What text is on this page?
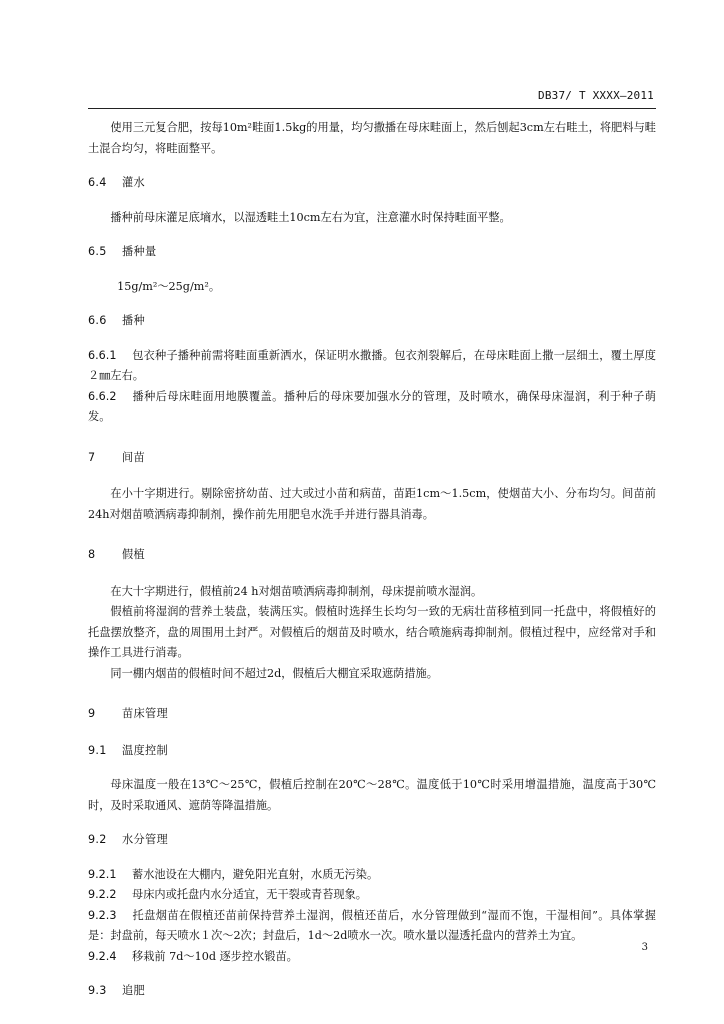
DB37/ T XXXX—2011

使用三元复合肥，按每10m²畦面1.5kg的用量，均匀撒播在母床畦面上，然后刨起3cm左右畦土，将肥料与畦土混合均匀，将畦面整平。

6.4 灌水

播种前母床灌足底墒水，以湿透畦土10cm左右为宜，注意灌水时保持畦面平整。

6.5 播种量

15g/m²～25g/m²。

6.6 播种

6.6.1 包衣种子播种前需将畦面重新洒水，保证明水撒播。包衣剂裂解后，在母床畦面上撒一层细土，覆土厚度２㎜左右。

6.6.2 播种后母床畦面用地膜覆盖。播种后的母床要加强水分的管理，及时喷水，确保母床湿润，利于种子萌发。

7 间苗

在小十字期进行。剔除密挤幼苗、过大或过小苗和病苗，苗距1cm～1.5cm，使烟苗大小、分布均匀。间苗前24h对烟苗喷洒病毒抑制剂，操作前先用肥皂水洗手并进行器具消毒。

8 假植

在大十字期进行，假植前24 h对烟苗喷洒病毒抑制剂，母床提前喷水湿润。

假植前将湿润的营养土装盘，装满压实。假植时选择生长均匀一致的无病壮苗移植到同一托盘中，将假植好的托盘摆放整齐，盘的周围用土封严。对假植后的烟苗及时喷水，结合喷施病毒抑制剂。假植过程中，应经常对手和操作工具进行消毒。

同一棚内烟苗的假植时间不超过2d，假植后大棚宜采取遮荫措施。

9 苗床管理

9.1 温度控制

母床温度一般在13℃～25℃，假植后控制在20℃～28℃。温度低于10℃时采用增温措施，温度高于30℃时，及时采取通风、遮荫等降温措施。

9.2 水分管理

9.2.1 蓄水池设在大棚内，避免阳光直射，水质无污染。

9.2.2 母床内或托盘内水分适宜，无干裂或青苔现象。

9.2.3 托盘烟苗在假植还苗前保持营养土湿润，假植还苗后，水分管理做到“湿而不饱，干湿相间”。具体掌握是：封盘前，每天喷水１次～2次；封盘后，1d～2d喷水一次。喷水量以湿透托盘内的营养土为宜。

9.2.4 移栽前 7d～10d 逐步控水锻苗。

9.3 追肥

3
